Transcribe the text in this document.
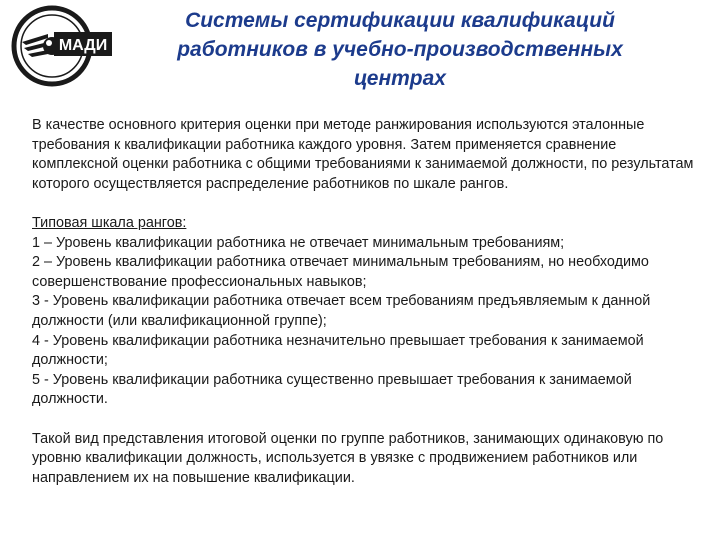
МАДИ
Системы сертификации квалификаций
работников в учебно-производственных
центрах

В качестве основного критерия оценки при методе ранжирования используются эталонные требования к квалификации работника каждого уровня. Затем применяется сравнение комплексной оценки работника с общими требованиями к занимаемой должности, по результатам которого осуществляется распределение работников по шкале рангов.

Типовая шкала рангов:

1 – Уровень квалификации работника не отвечает минимальным требованиям;

2 – Уровень квалификации работника отвечает минимальным требованиям, но необходимо совершенствование профессиональных навыков;

3 - Уровень квалификации работника отвечает всем требованиям предъявляемым к данной должности (или квалификационной группе);

4 - Уровень квалификации работника незначительно превышает требования к занимаемой должности;

5 - Уровень квалификации работника существенно превышает требования к занимаемой должности.

Такой вид представления итоговой оценки по группе работников, занимающих одинаковую по уровню квалификации должность, используется в увязке с продвижением работников или направлением их на повышение квалификации.
